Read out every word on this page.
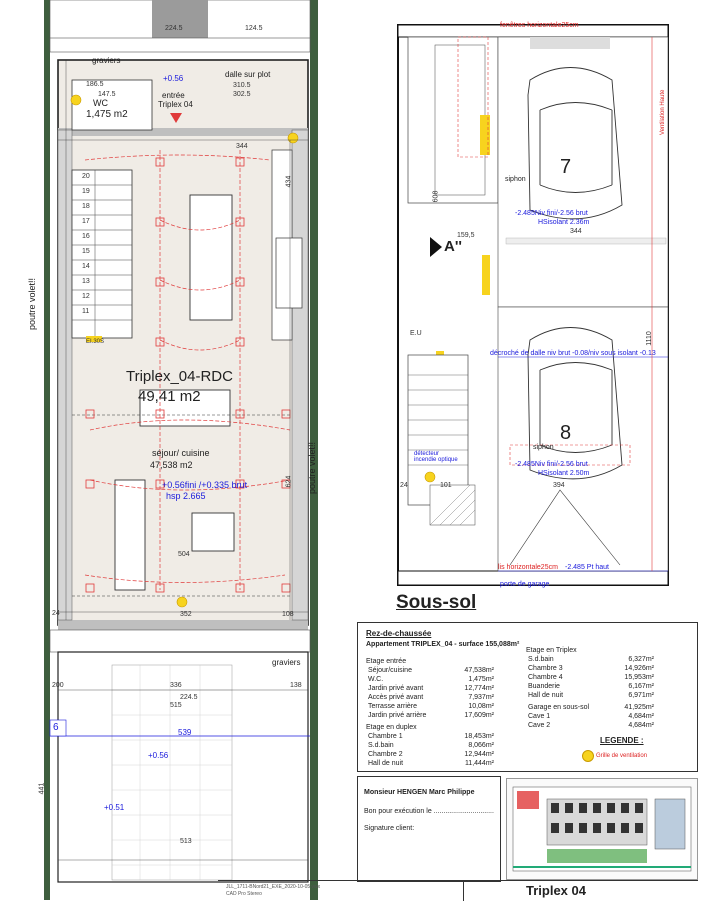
graviers
224.5	124.5
+0.56	dalle sur plot
310.5
302.5
186.5
147.5	entrée
Triplex 04
WC
1,475 m2
Triplex_04-RDC
49,41 m2
séjour/ cuisine
47,538 m2
+0.56fini /+0.335 brut
hsp 2.665
344
504
352	108
624
434
24
poutre volet!!
poutre volet!!
EI.30S
20
19
18
17
16
15
14
13
12
11
graviers
200	336	138
224.5
515
539
6
+0.56
+0.51
441
513
fenêtres horizontale25cm
7
8
A''
-2.485Niv fini/-2.56 brut
HSisolant 2.36m
décroché de dalle niv brut -0.08/niv sous isolant -0.13
-2.485Niv fini/-2.56 brut
HSisolant 2.50m
lis horizontale25cm -2.485 Pt haut
siphon
siphon
détecteur incendie optique
Ventilation Haute
1110
344
394
608
159,5
101
24
E.U
porte de garage
Sous-sol
Rez-de-chaussée
Appartement TRIPLEX_04 - surface 155,088m²
Etage entrée
Séjour/cuisine	47,538m²
W.C.	1,475m²
Jardin privé avant	12,774m²
Accès privé avant	7,937m²
Terrasse arrière	10,08m²
Jardin privé arrière	17,609m²
Etage en duplex
Chambre 1	18,453m²
S.d.bain	8,066m²
Chambre 2	12,944m²
Hall de nuit	11,444m²
Etage en Triplex
S.d.bain	6,327m²
Chambre 3	14,926m²
Chambre 4	15,953m²
Buanderie	6,167m²
Hall de nuit	6,971m²
Garage en sous-sol	41,925m²
Cave 1	4,684m²
Cave 2	4,684m²
LEGENDE :
Grille de ventilation
Monsieur HENGEN Marc Philippe
Bon pour exécution le ...............................
Signature client:
JLL_1711-BNord21_EXE_2020-10-05.vwx
CAD Pro Stereo	Triplex 04
